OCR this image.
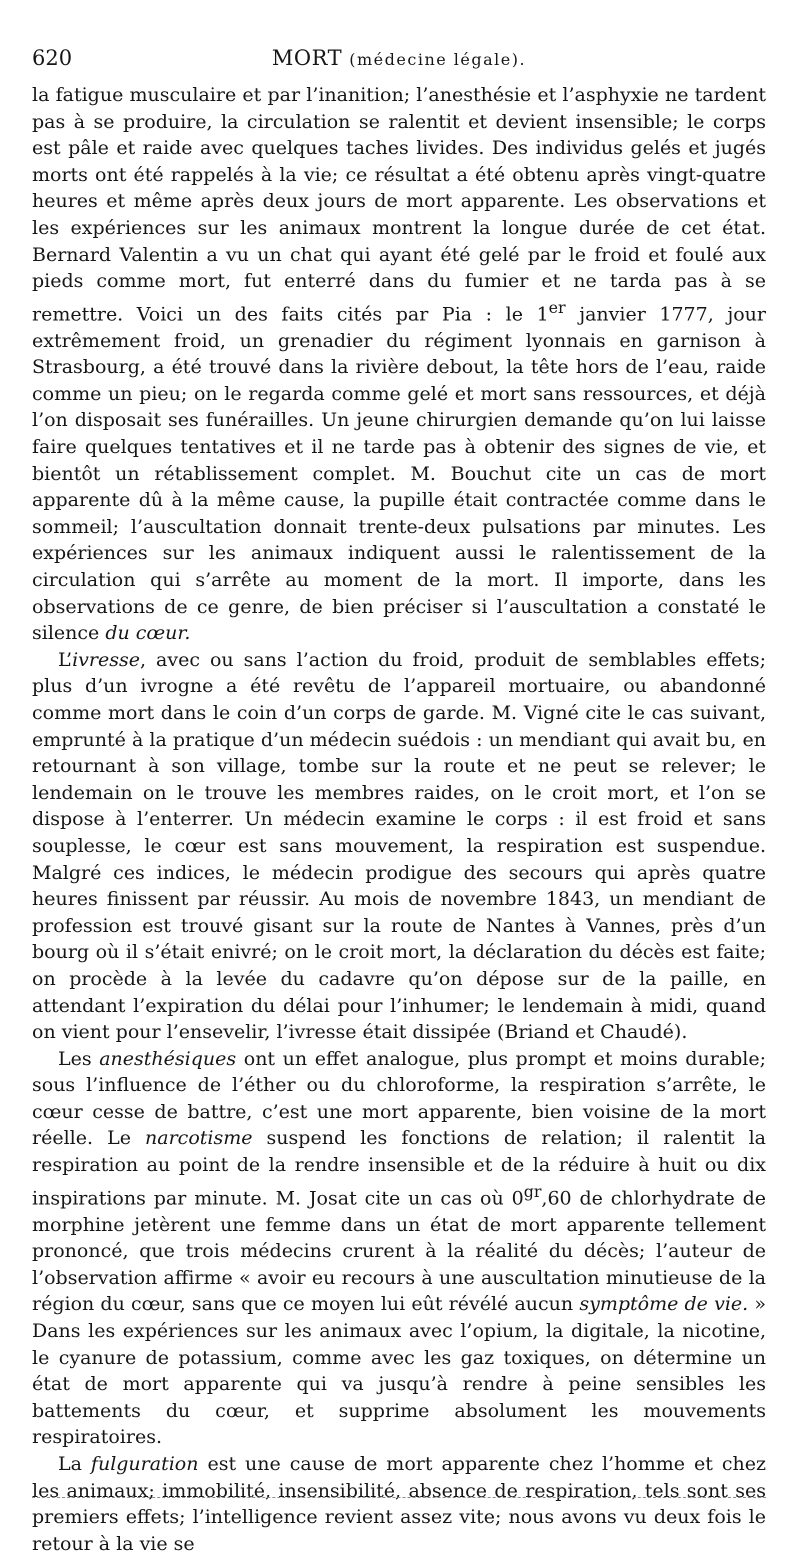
620	MORT (médecine légale).

la fatigue musculaire et par l’inanition; l’anesthésie et l’asphyxie ne tardent pas à se produire, la circulation se ralentit et devient insensible; le corps est pâle et raide avec quelques taches livides. Des individus gelés et jugés morts ont été rappelés à la vie; ce résultat a été obtenu après vingt-quatre heures et même après deux jours de mort apparente. Les observations et les expériences sur les animaux montrent la longue durée de cet état. Bernard Valentin a vu un chat qui ayant été gelé par le froid et foulé aux pieds comme mort, fut enterré dans du fumier et ne tarda pas à se remettre. Voici un des faits cités par Pia : le 1er janvier 1777, jour extrêmement froid, un grenadier du régiment lyonnais en garnison à Strasbourg, a été trouvé dans la rivière debout, la tête hors de l’eau, raide comme un pieu; on le regarda comme gelé et mort sans ressources, et déjà l’on disposait ses funérailles. Un jeune chirurgien demande qu’on lui laisse faire quelques tentatives et il ne tarde pas à obtenir des signes de vie, et bientôt un rétablissement complet. M. Bouchut cite un cas de mort apparente dû à la même cause, la pupille était contractée comme dans le sommeil; l’auscultation donnait trente-deux pulsations par minutes. Les expériences sur les animaux indiquent aussi le ralentissement de la circulation qui s’arrête au moment de la mort. Il importe, dans les observations de ce genre, de bien préciser si l’auscultation a constaté le silence du cœur.

L’ivresse, avec ou sans l’action du froid, produit de semblables effets; plus d’un ivrogne a été revêtu de l’appareil mortuaire, ou abandonné comme mort dans le coin d’un corps de garde. M. Vigné cite le cas suivant, emprunté à la pratique d’un médecin suédois : un mendiant qui avait bu, en retournant à son village, tombe sur la route et ne peut se relever; le lendemain on le trouve les membres raides, on le croit mort, et l’on se dispose à l’enterrer. Un médecin examine le corps : il est froid et sans souplesse, le cœur est sans mouvement, la respiration est suspendue. Malgré ces indices, le médecin prodigue des secours qui après quatre heures finissent par réussir. Au mois de novembre 1843, un mendiant de profession est trouvé gisant sur la route de Nantes à Vannes, près d’un bourg où il s’était enivré; on le croit mort, la déclaration du décès est faite; on procède à la levée du cadavre qu’on dépose sur de la paille, en attendant l’expiration du délai pour l’inhumer; le lendemain à midi, quand on vient pour l’ensevelir, l’ivresse était dissipée (Briand et Chaudé).

Les anesthésiques ont un effet analogue, plus prompt et moins durable; sous l’influence de l’éther ou du chloroforme, la respiration s’arrête, le cœur cesse de battre, c’est une mort apparente, bien voisine de la mort réelle. Le narcotisme suspend les fonctions de relation; il ralentit la respiration au point de la rendre insensible et de la réduire à huit ou dix inspirations par minute. M. Josat cite un cas où $0^{gr},60$ de chlorhydrate de morphine jetèrent une femme dans un état de mort apparente tellement prononcé, que trois médecins crurent à la réalité du décès; l’auteur de l’observation affirme « avoir eu recours à une auscultation minutieuse de la région du cœur, sans que ce moyen lui eût révélé aucun symptôme de vie. » Dans les expériences sur les animaux avec l’opium, la digitale, la nicotine, le cyanure de potassium, comme avec les gaz toxiques, on détermine un état de mort apparente qui va jusqu’à rendre à peine sensibles les battements du cœur, et supprime absolument les mouvements respiratoires.

La fulguration est une cause de mort apparente chez l’homme et chez les animaux; immobilité, insensibilité, absence de respiration, tels sont ses premiers effets; l’intelligence revient assez vite; nous avons vu deux fois le retour à la vie se
